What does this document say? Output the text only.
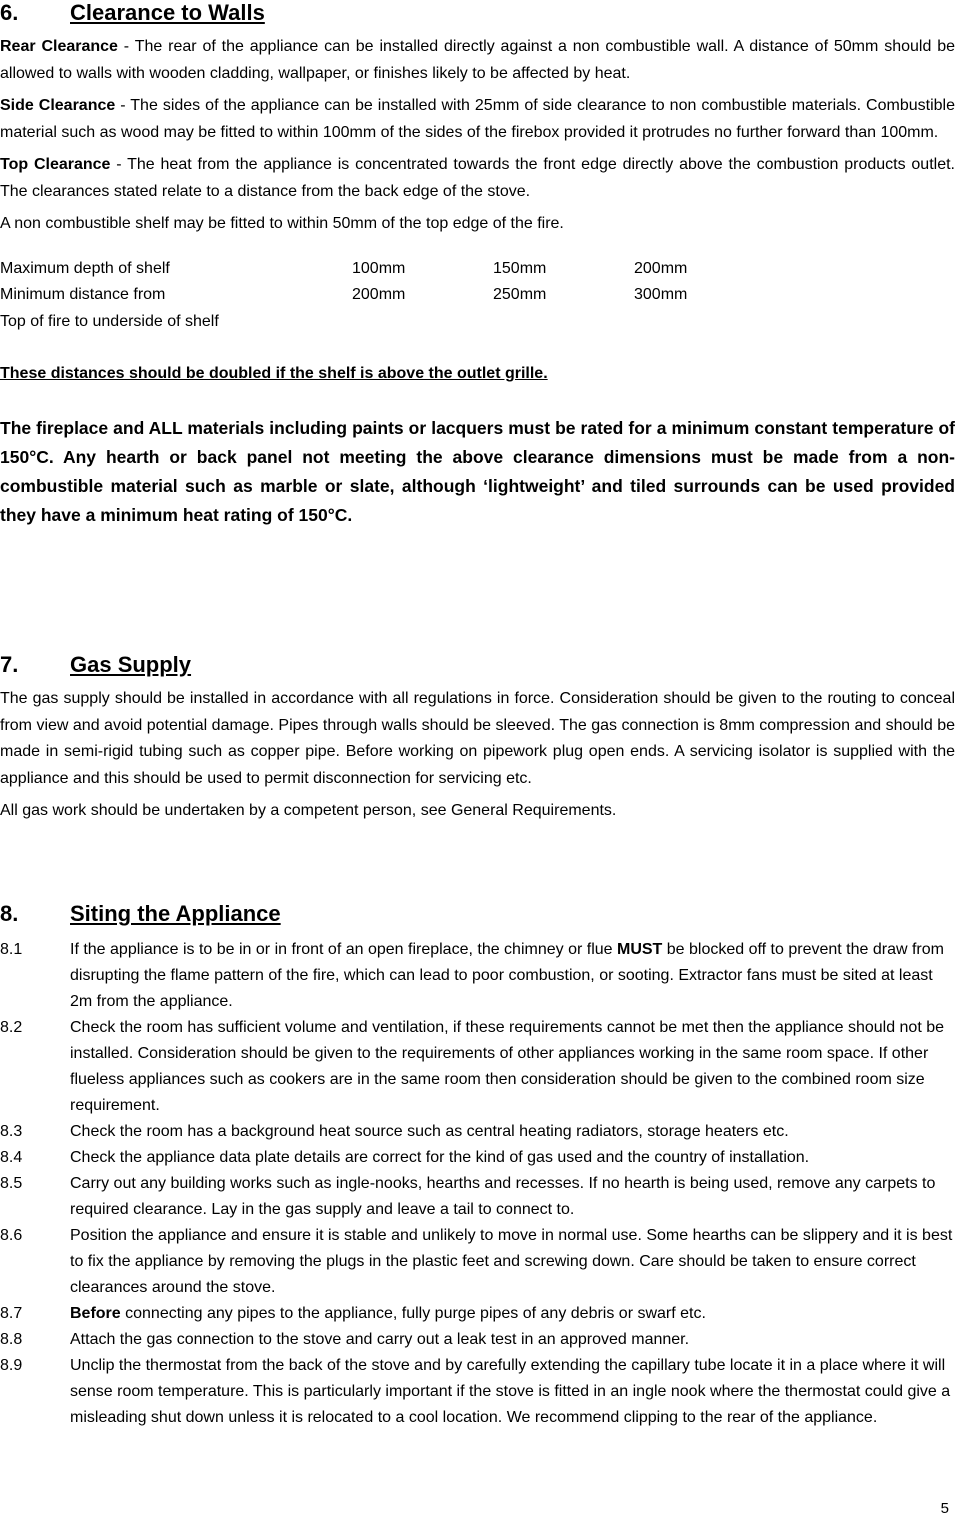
6.	Clearance to Walls

Rear Clearance - The rear of the appliance can be installed directly against a non combustible wall. A distance of 50mm should be allowed to walls with wooden cladding, wallpaper, or finishes likely to be affected by heat.

Side Clearance - The sides of the appliance can be installed with 25mm of side clearance to non combustible materials. Combustible material such as wood may be fitted to within 100mm of the sides of the firebox provided it protrudes no further forward than 100mm.

Top Clearance - The heat from the appliance is concentrated towards the front edge directly above the combustion products outlet. The clearances stated relate to a distance from the back edge of the stove.

A non combustible shelf may be fitted to within 50mm of the top edge of the fire.

Maximum depth of shelf	100mm	150mm	200mm
Minimum distance from	200mm	250mm	300mm
Top of fire to underside of shelf			

These distances should be doubled if the shelf is above the outlet grille.

The fireplace and ALL materials including paints or lacquers must be rated for a minimum constant temperature of 150°C. Any hearth or back panel not meeting the above clearance dimensions must be made from a non-combustible material such as marble or slate, although ‘lightweight’ and tiled surrounds can be used provided they have a minimum heat rating of 150°C.

7.	Gas Supply

The gas supply should be installed in accordance with all regulations in force. Consideration should be given to the routing to conceal from view and avoid potential damage. Pipes through walls should be sleeved. The gas connection is 8mm compression and should be made in semi-rigid tubing such as copper pipe. Before working on pipework plug open ends. A servicing isolator is supplied with the appliance and this should be used to permit disconnection for servicing etc.

All gas work should be undertaken by a competent person, see General Requirements.

8.	Siting the Appliance
8.1	If the appliance is to be in or in front of an open fireplace, the chimney or flue MUST be blocked off to prevent the draw from disrupting the flame pattern of the fire, which can lead to poor combustion, or sooting. Extractor fans must be sited at least 2m from the appliance.
8.2	Check the room has sufficient volume and ventilation, if these requirements cannot be met then the appliance should not be installed. Consideration should be given to the requirements of other appliances working in the same room space. If other flueless appliances such as cookers are in the same room then consideration should be given to the combined room size requirement.
8.3	Check the room has a background heat source such as central heating radiators, storage heaters etc.
8.4	Check the appliance data plate details are correct for the kind of gas used and the country of installation.
8.5	Carry out any building works such as ingle-nooks, hearths and recesses. If no hearth is being used, remove any carpets to required clearance. Lay in the gas supply and leave a tail to connect to.
8.6	Position the appliance and ensure it is stable and unlikely to move in normal use. Some hearths can be slippery and it is best to fix the appliance by removing the plugs in the plastic feet and screwing down. Care should be taken to ensure correct clearances around the stove.
8.7	Before connecting any pipes to the appliance, fully purge pipes of any debris or swarf etc.
8.8	Attach the gas connection to the stove and carry out a leak test in an approved manner.
8.9	Unclip the thermostat from the back of the stove and by carefully extending the capillary tube locate it in a place where it will sense room temperature. This is particularly important if the stove is fitted in an ingle nook where the thermostat could give a misleading shut down unless it is relocated to a cool location. We recommend clipping to the rear of the appliance.
5
